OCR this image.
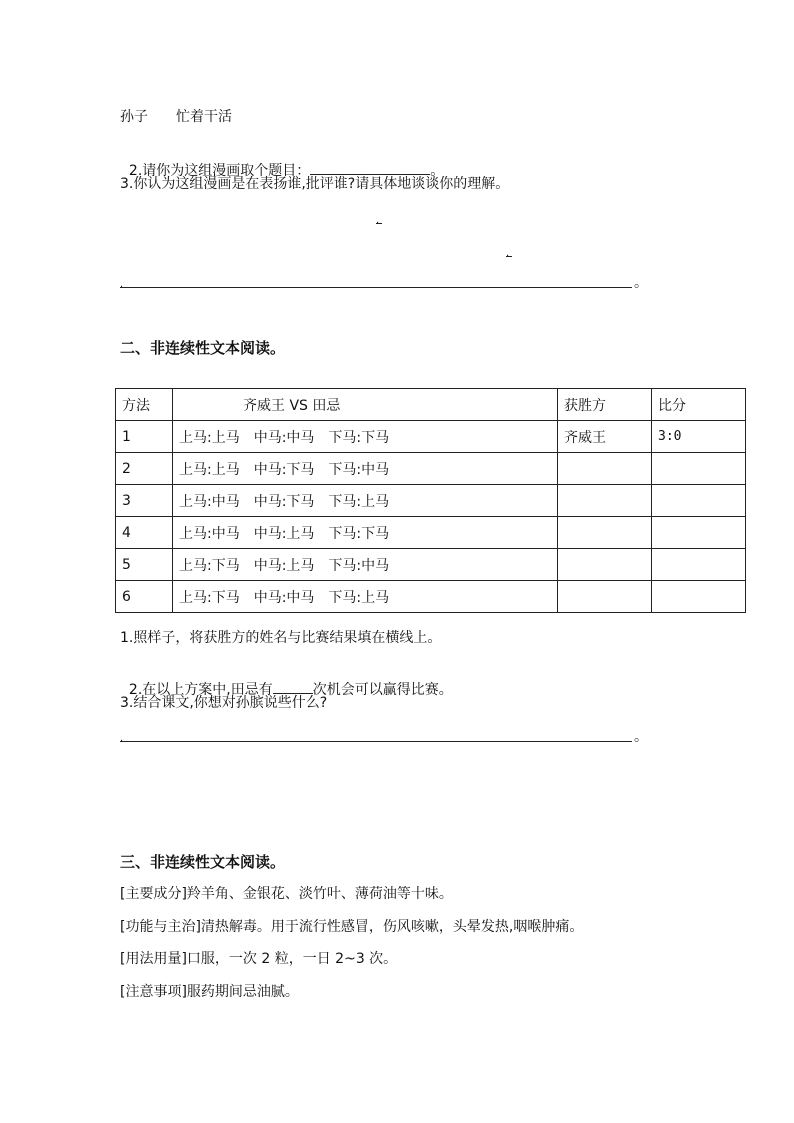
孙子　　忙着干活

2.请你为这组漫画取个题目：	。

3.你认为这组漫画是在表扬谁,批评谁?请具体地谈谈你的理解。
.
.
.	。
二、非连续性文本阅读。
方法	齐威王 VS 田忌	获胜方	比分
1	上马:上马　中马:中马　下马:下马	齐威王	3:0
2	上马:上马　中马:下马　下马:中马		
3	上马:中马　中马:下马　下马:上马		
4	上马:中马　中马:上马　下马:下马		
5	上马:下马　中马:上马　下马:中马		
6	上马:下马　中马:中马　下马:上马		
1.照样子，将获胜方的姓名与比赛结果填在横线上。

2.在以上方案中,田忌有	次机会可以赢得比赛。

3.结合课文,你想对孙膑说些什么?
.	。
三、非连续性文本阅读。
[主要成分]羚羊角、金银花、淡竹叶、薄荷油等十味。
[功能与主治]清热解毒。用于流行性感冒，伤风咳嗽，头晕发热,咽喉肿痛。
[用法用量]口服，一次 2 粒，一日 2~3 次。
[注意事项]服药期间忌油腻。
